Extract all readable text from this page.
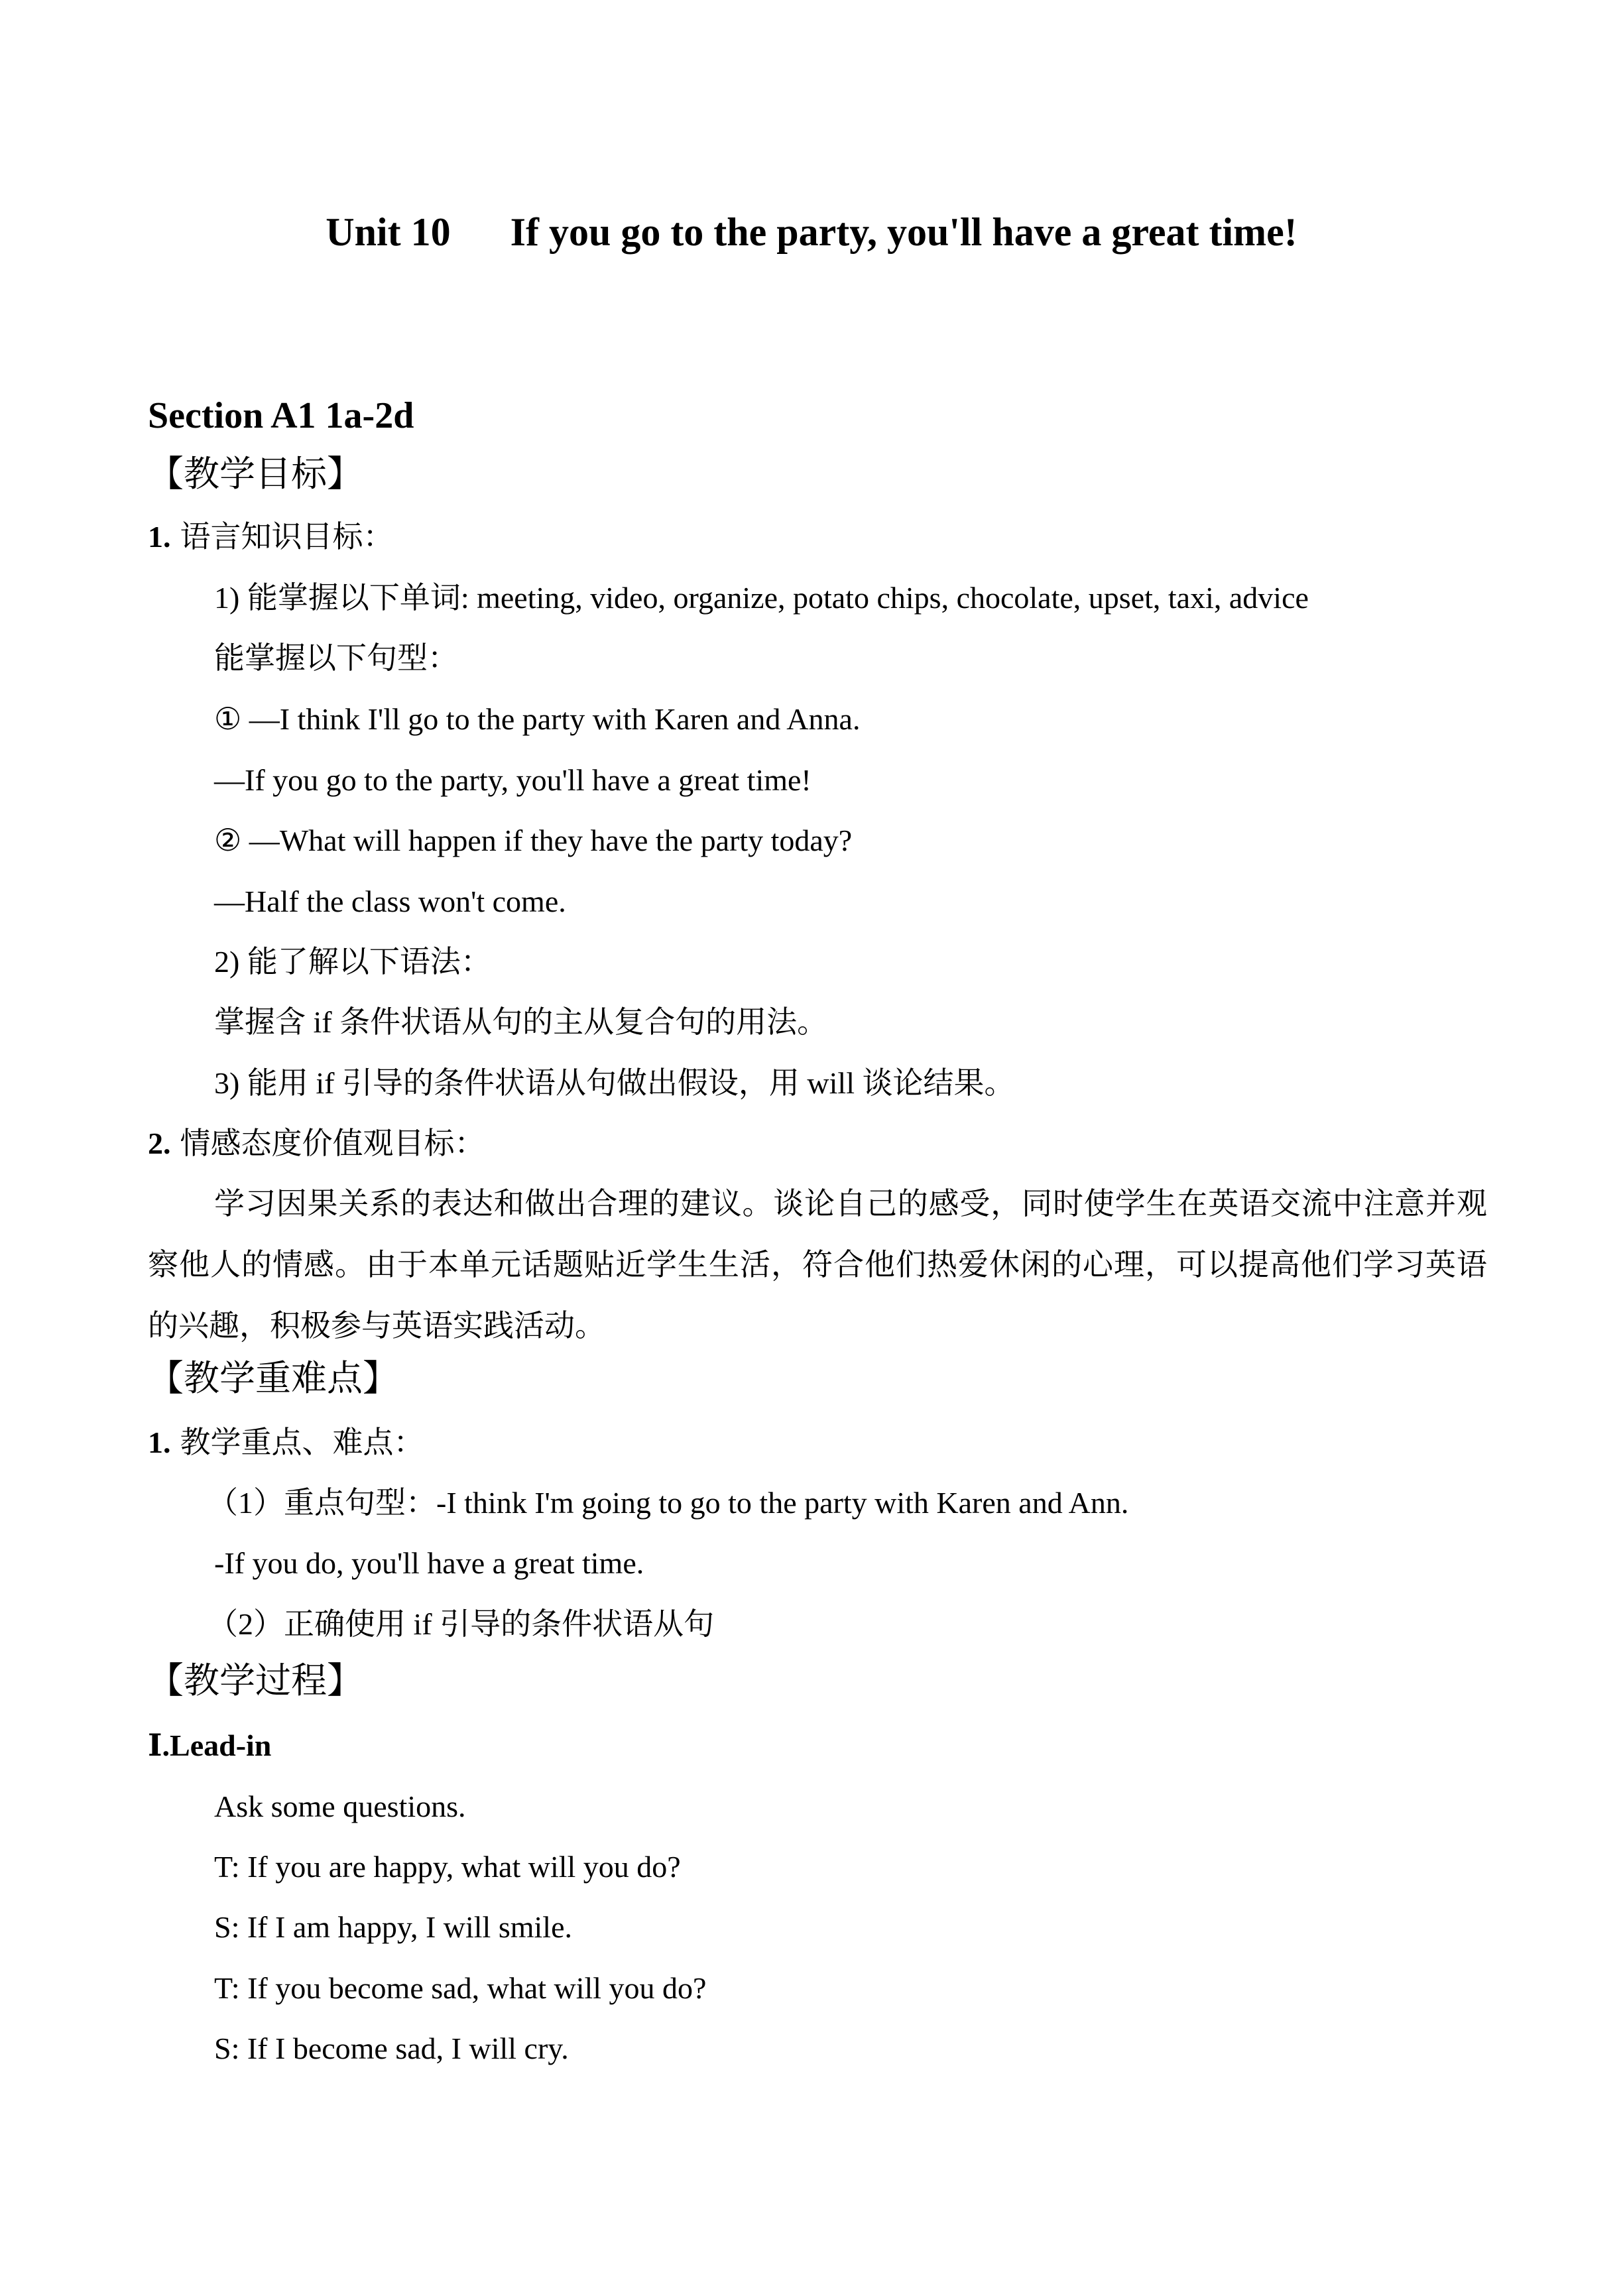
Unit 10      If you go to the party, you'll have a great time!
Section A1 1a-2d
【教学目标】
1. 语言知识目标：
1) 能掌握以下单词: meeting, video, organize, potato chips, chocolate, upset, taxi, advice
能掌握以下句型：
① —I think I'll go to the party with Karen and Anna.
—If you go to the party, you'll have a great time!
② —What will happen if they have the party today?
—Half the class won't come.
2) 能了解以下语法：
掌握含 if 条件状语从句的主从复合句的用法。
3) 能用 if 引导的条件状语从句做出假设，用 will 谈论结果。
2. 情感态度价值观目标：
学习因果关系的表达和做出合理的建议。谈论自己的感受，同时使学生在英语交流中注意并观察他人的情感。由于本单元话题贴近学生生活，符合他们热爱休闲的心理，可以提高他们学习英语的兴趣，积极参与英语实践活动。
【教学重难点】
1. 教学重点、难点：
（1）重点句型：-I think I'm going to go to the party with Karen and Ann.
-If you do, you'll have a great time.
（2）正确使用 if 引导的条件状语从句
【教学过程】
Ⅰ.Lead-in
Ask some questions.
T: If you are happy, what will you do?
S: If I am happy, I will smile.
T: If you become sad, what will you do?
S: If I become sad, I will cry.
